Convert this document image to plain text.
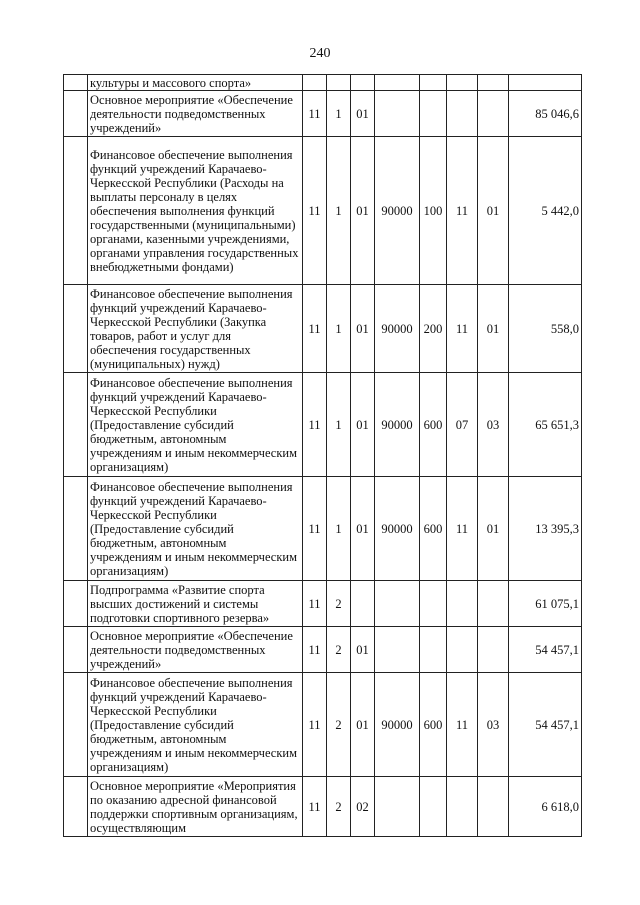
240
	культуры и массового спорта»								
	Основное мероприятие «Обеспечение деятельности подведомственных учреждений»	11	1	01					85 046,6
	Финансовое обеспечение выполнения функций учреждений Карачаево-Черкесской Республики (Расходы на выплаты персоналу в целях обеспечения выполнения функций государственными (муниципальными) органами, казенными учреждениями, органами управления государственных внебюджетными фондами)	11	1	01	90000	100	11	01	5 442,0
	Финансовое обеспечение выполнения функций учреждений Карачаево-Черкесской Республики (Закупка товаров, работ и услуг для обеспечения государственных (муниципальных) нужд)	11	1	01	90000	200	11	01	558,0
	Финансовое обеспечение выполнения функций учреждений Карачаево-Черкесской Республики (Предоставление субсидий бюджетным, автономным учреждениям и иным некоммерческим организациям)	11	1	01	90000	600	07	03	65 651,3
	Финансовое обеспечение выполнения функций учреждений Карачаево-Черкесской Республики (Предоставление субсидий бюджетным, автономным учреждениям и иным некоммерческим организациям)	11	1	01	90000	600	11	01	13 395,3
	Подпрограмма «Развитие спорта высших достижений и системы подготовки спортивного резерва»	11	2						61 075,1
	Основное мероприятие «Обеспечение деятельности подведомственных учреждений»	11	2	01					54 457,1
	Финансовое обеспечение выполнения функций учреждений Карачаево-Черкесской Республики (Предоставление субсидий бюджетным, автономным учреждениям и иным некоммерческим организациям)	11	2	01	90000	600	11	03	54 457,1
	Основное мероприятие «Мероприятия по оказанию адресной финансовой поддержки спортивным организациям, осуществляющим	11	2	02					6 618,0
